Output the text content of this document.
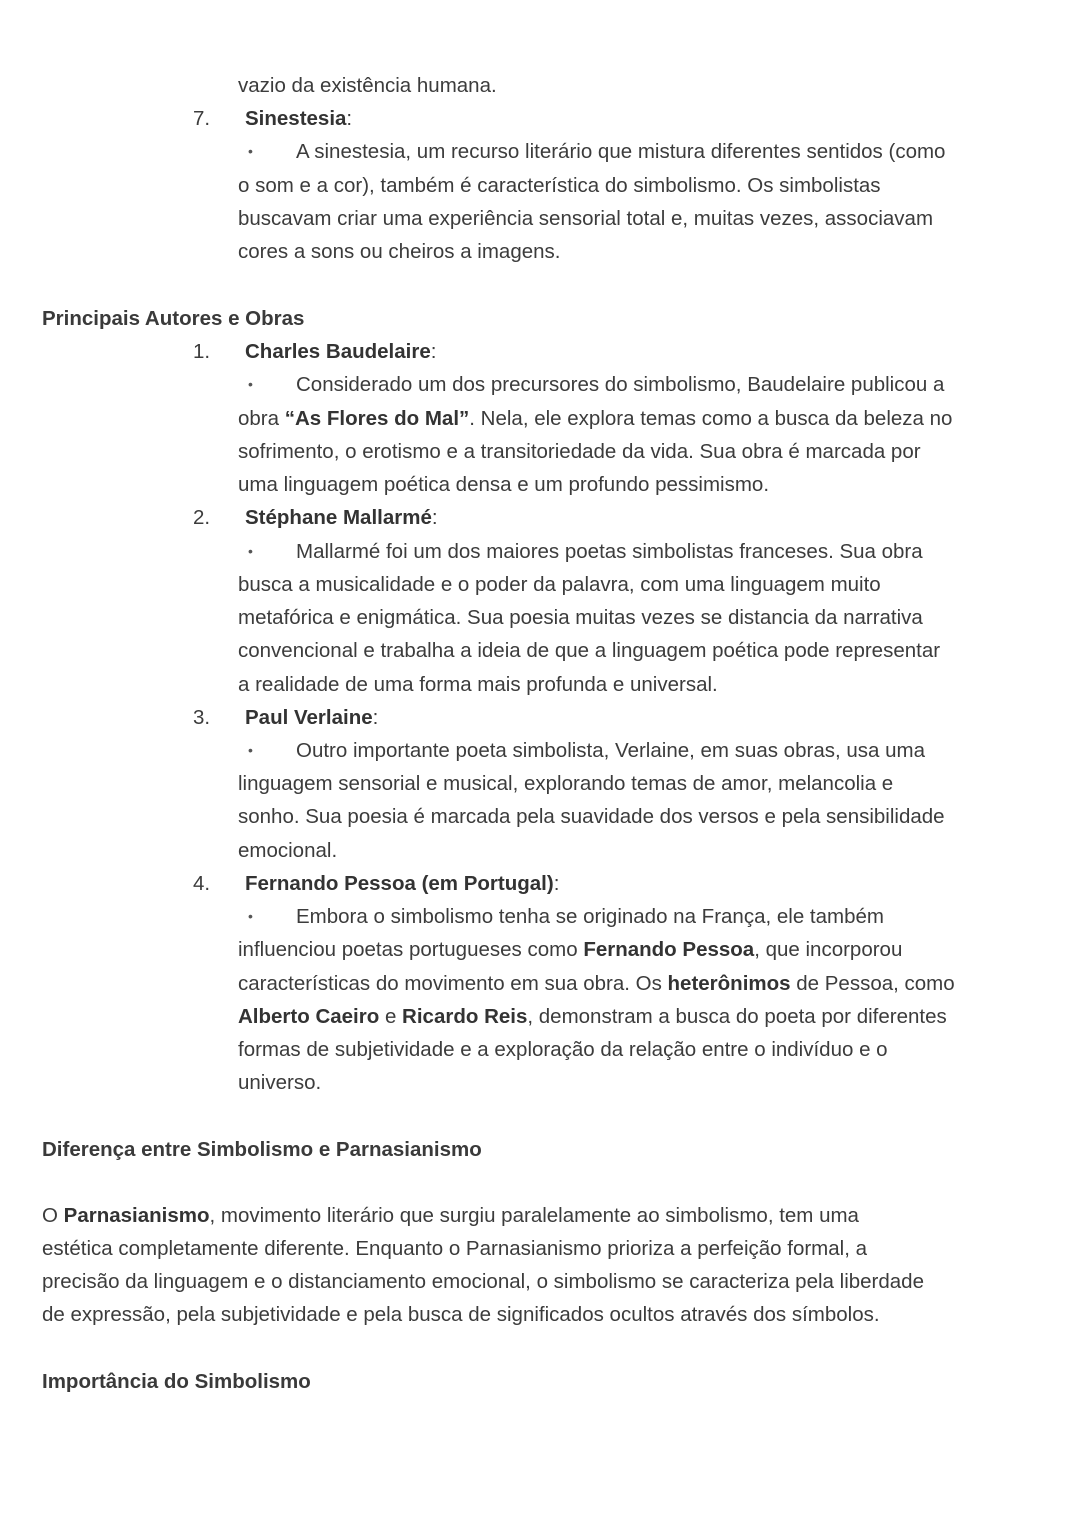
vazio da existência humana.
7. Sinestesia:
• A sinestesia, um recurso literário que mistura diferentes sentidos (como
o som e a cor), também é característica do simbolismo. Os simbolistas
buscavam criar uma experiência sensorial total e, muitas vezes, associavam
cores a sons ou cheiros a imagens.
Principais Autores e Obras
1. Charles Baudelaire:
• Considerado um dos precursores do simbolismo, Baudelaire publicou a
obra “As Flores do Mal”. Nela, ele explora temas como a busca da beleza no
sofrimento, o erotismo e a transitoriedade da vida. Sua obra é marcada por
uma linguagem poética densa e um profundo pessimismo.
2. Stéphane Mallarmé:
• Mallarmé foi um dos maiores poetas simbolistas franceses. Sua obra
busca a musicalidade e o poder da palavra, com uma linguagem muito
metafórica e enigmática. Sua poesia muitas vezes se distancia da narrativa
convencional e trabalha a ideia de que a linguagem poética pode representar
a realidade de uma forma mais profunda e universal.
3. Paul Verlaine:
• Outro importante poeta simbolista, Verlaine, em suas obras, usa uma
linguagem sensorial e musical, explorando temas de amor, melancolia e
sonho. Sua poesia é marcada pela suavidade dos versos e pela sensibilidade
emocional.
4. Fernando Pessoa (em Portugal):
• Embora o simbolismo tenha se originado na França, ele também
influenciou poetas portugueses como Fernando Pessoa, que incorporou
características do movimento em sua obra. Os heterônimos de Pessoa, como
Alberto Caeiro e Ricardo Reis, demonstram a busca do poeta por diferentes
formas de subjetividade e a exploração da relação entre o indivíduo e o
universo.
Diferença entre Simbolismo e Parnasianismo
O Parnasianismo, movimento literário que surgiu paralelamente ao simbolismo, tem uma
estética completamente diferente. Enquanto o Parnasianismo prioriza a perfeição formal, a
precisão da linguagem e o distanciamento emocional, o simbolismo se caracteriza pela liberdade
de expressão, pela subjetividade e pela busca de significados ocultos através dos símbolos.
Importância do Simbolismo
